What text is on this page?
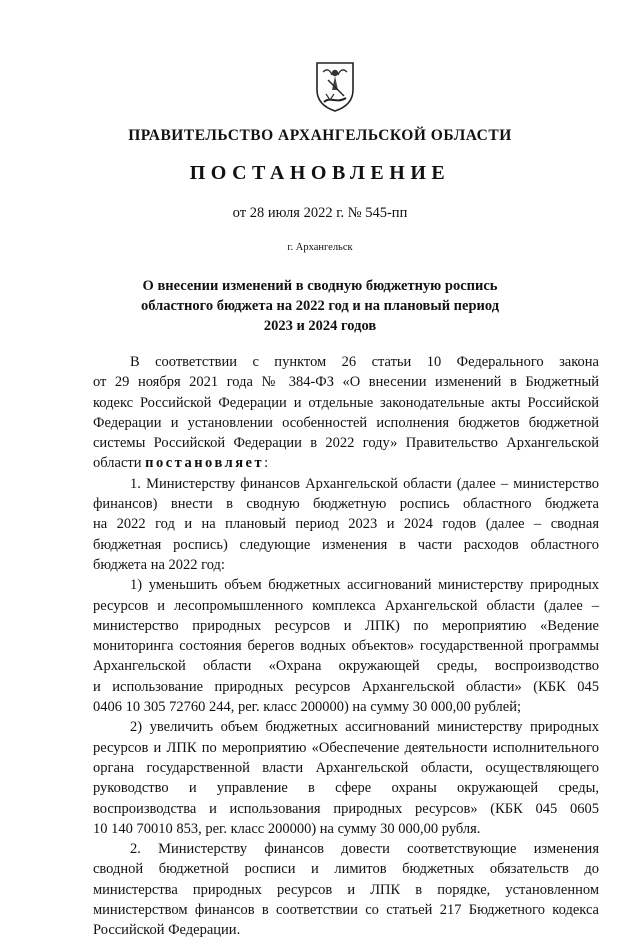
ПРАВИТЕЛЬСТВО АРХАНГЕЛЬСКОЙ ОБЛАСТИ
ПОСТАНОВЛЕНИЕ
от 28 июля 2022 г. № 545-пп
г. Архангельск
О внесении изменений в сводную бюджетную роспись
областного бюджета на 2022 год и на плановый период
2023 и 2024 годов
В соответствии с пунктом 26 статьи 10 Федерального закона
от 29 ноября 2021 года № 384-ФЗ «О внесении изменений в Бюджетный
кодекс Российской Федерации и отдельные законодательные акты Российской
Федерации и установлении особенностей исполнения бюджетов бюджетной
системы Российской Федерации в 2022 году» Правительство Архангельской
области постановляет:
1. Министерству финансов Архангельской области (далее – министерство
финансов) внести в сводную бюджетную роспись областного бюджета
на 2022 год и на плановый период 2023 и 2024 годов (далее – сводная
бюджетная роспись) следующие изменения в части расходов областного
бюджета на 2022 год:
1) уменьшить объем бюджетных ассигнований министерству природных
ресурсов и лесопромышленного комплекса Архангельской области (далее –
министерство природных ресурсов и ЛПК) по мероприятию «Ведение
мониторинга состояния берегов водных объектов» государственной программы
Архангельской области «Охрана окружающей среды, воспроизводство
и использование природных ресурсов Архангельской области» (КБК 045
0406 10 305 72760 244, рег. класс 200000) на сумму 30 000,00 рублей;
2) увеличить объем бюджетных ассигнований министерству природных
ресурсов и ЛПК по мероприятию «Обеспечение деятельности исполнительного
органа государственной власти Архангельской области, осуществляющего
руководство и управление в сфере охраны окружающей среды,
воспроизводства и использования природных ресурсов» (КБК 045 0605
10 140 70010 853, рег. класс 200000) на сумму 30 000,00 рубля.
2. Министерству финансов довести соответствующие изменения
сводной бюджетной росписи и лимитов бюджетных обязательств до
министерства природных ресурсов и ЛПК в порядке, установленном
министерством финансов в соответствии со статьей 217 Бюджетного кодекса
Российской Федерации.
